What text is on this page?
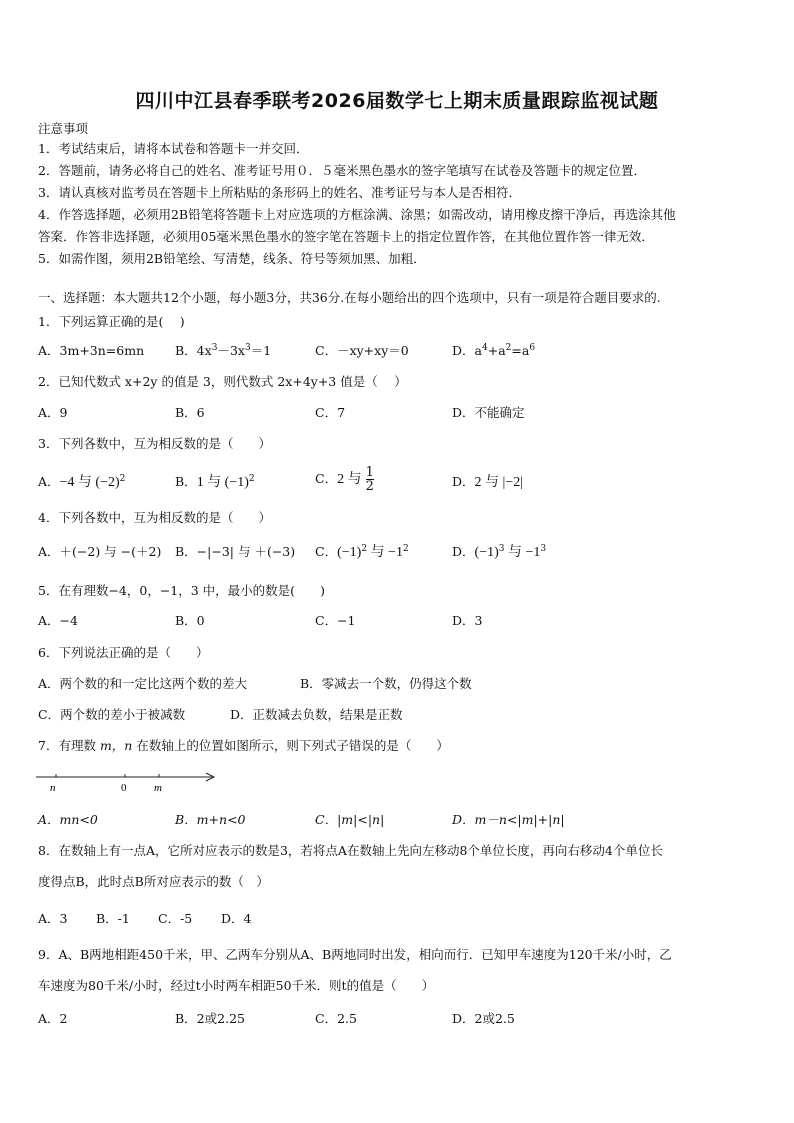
四川中江县春季联考2026届数学七上期末质量跟踪监视试题
注意事项
1．考试结束后，请将本试卷和答题卡一并交回．
2．答题前，请务必将自己的姓名、准考证号用０．５毫米黑色墨水的签字笔填写在试卷及答题卡的规定位置．
3．请认真核对监考员在答题卡上所粘贴的条形码上的姓名、准考证号与本人是否相符．
4．作答选择题，必须用2B铅笔将答题卡上对应选项的方框涂满、涂黑；如需改动，请用橡皮擦干净后，再选涂其他
答案．作答非选择题，必须用05毫米黑色墨水的签字笔在答题卡上的指定位置作答，在其他位置作答一律无效．
5．如需作图，须用2B铅笔绘、写清楚，线条、符号等须加黑、加粗．
一、选择题：本大题共12个小题，每小题3分，共36分.在每小题给出的四个选项中，只有一项是符合题目要求的.
1．下列运算正确的是(　 )
A．3m+3n=6mn B．$4x^3-3x^3=1$	C．－xy+xy＝0	D．$a^4+a^2=a^6$
2．已知代数式 x+2y 的值是 3，则代数式 2x+4y+3 值是（　 ）
A．9	B．6	C．7	D．不能确定
3．下列各数中，互为相反数的是（　　）
A．−4 与 $(-2)^2$	B．1 与 $(-1)^2$	C．2 与 $\frac{1}{2}$	D．2 与 |−2|
4．下列各数中，互为相反数的是（　　）
A．＋(−2) 与 −(＋2) B．−|−3| 与 ＋(−3) C．$(-1)^2$ 与 $-1^2$	D．$(-1)^3$ 与 $-1^3$
5．在有理数−4，0，−1，3 中，最小的数是(　　)
A．−4	B．0	C．−1	D．3
6．下列说法正确的是（　　）
A．两个数的和一定比这两个数的差大	B．零减去一个数，仍得这个数
C．两个数的差小于被减数	D．正数减去负数，结果是正数
7．有理数 m，n 在数轴上的位置如图所示，则下列式子错误的是（　　）
n	0	m
A．mn<0	B．m+n<0	C．|m|<|n|	D．m－n<|m|+|n|
8．在数轴上有一点A，它所对应表示的数是3，若将点A在数轴上先向左移动8个单位长度，再向右移动4个单位长
度得点B，此时点B所对应表示的数（　）
A．3 B．-1 C．-5 D．4
9．A、B两地相距450千米，甲、乙两车分别从A、B两地同时出发，相向而行．已知甲车速度为120千米/小时，乙
车速度为80千米/小时，经过t小时两车相距50千米．则t的值是（　　）
A．2	B．2或2.25	C．2.5	D．2或2.5
